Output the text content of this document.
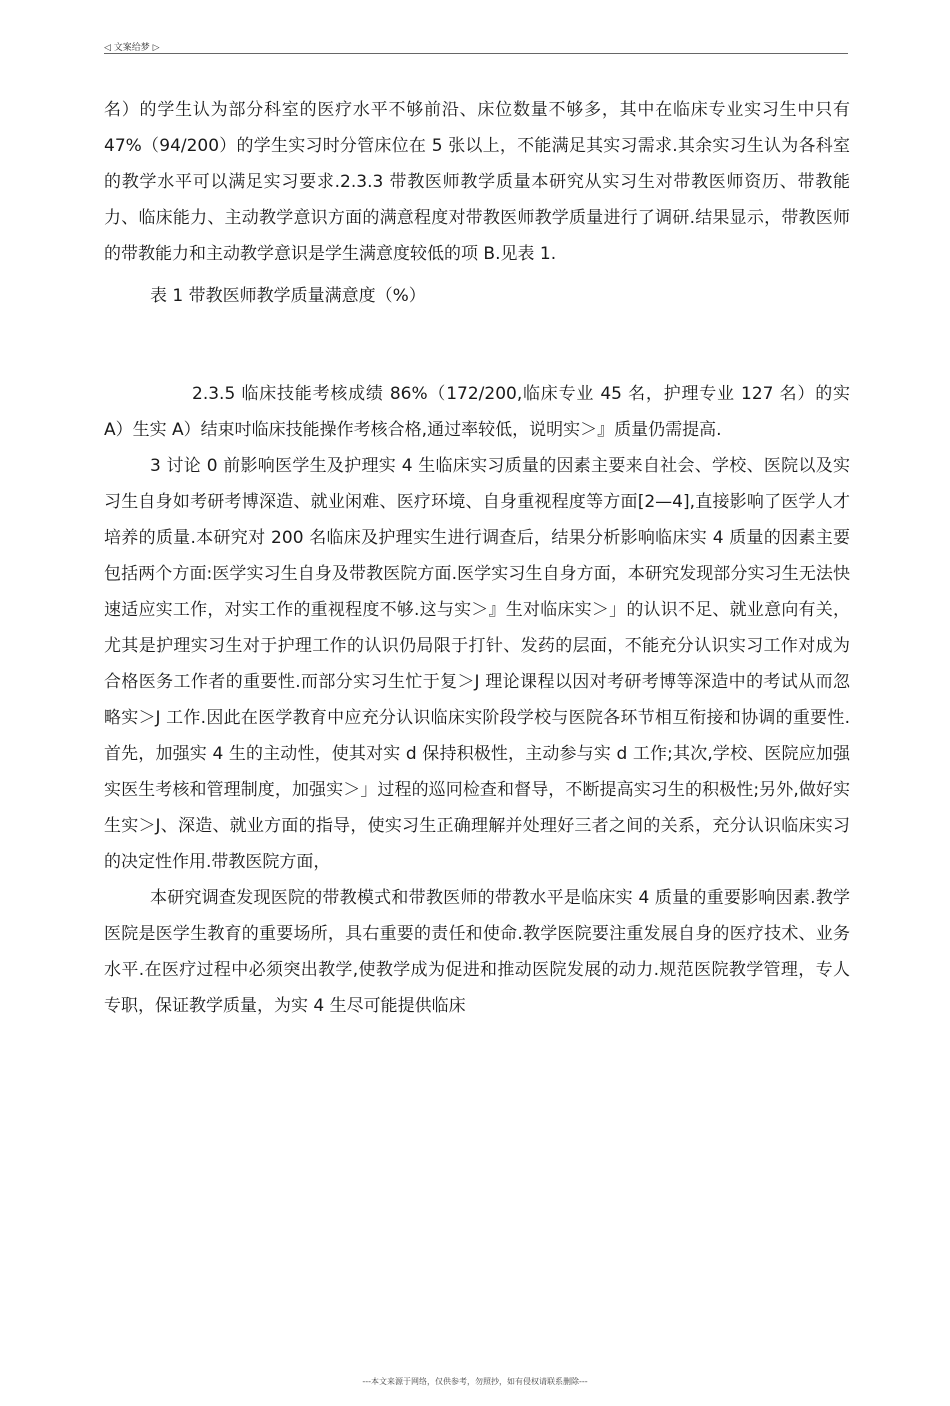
◁ 文案给梦 ▷

名）的学生认为部分科室的医疗水平不够前沿、床位数量不够多，其中在临床专业实习生中只有 47%（94/200）的学生实习时分管床位在 5 张以上，不能满足其实习需求.其余实习生认为各科室的教学水平可以满足实习要求.2.3.3 带教医师教学质量本研究从实习生对带教医师资历、带教能力、临床能力、主动教学意识方面的满意程度对带教医师教学质量进行了调研.结果显示，带教医师的带教能力和主动教学意识是学生满意度较低的项 B.见表 1.

表 1 带教医师教学质量满意度（%）

2.3.5 临床技能考核成绩 86%（172/200,临床专业 45 名，护理专业 127 名）的实 A）生实 A）结束吋临床技能操作考核合格,通过率较低，说明实＞』质量仍需提高.

3 讨论 0 前影响医学生及护理实 4 生临床实习质量的因素主要来自社会、学校、医院以及实习生自身如考研考博深造、就业闲难、医疗环境、自身重视程度等方面[2—4],直接影响了医学人才培养的质量.本研究对 200 名临床及护理实生进行调查后，结果分析影响临床实 4 质量的因素主要包括两个方面:医学实习生自身及带教医院方面.医学实习生自身方面，本研究发现部分实习生无法快速适应实工作，对实工作的重视程度不够.这与实＞』生对临床实＞」的认识不足、就业意向有关，尤其是护理实习生对于护理工作的认识仍局限于打针、发药的层面，不能充分认识实习工作对成为合格医务工作者的重要性.而部分实习生忙于复＞J 理论课程以因对考研考博等深造中的考试从而忽略实＞J 工作.因此在医学教育中应充分认识临床实阶段学校与医院各环节相互衔接和协调的重要性.首先，加强实 4 生的主动性，使其对实 d 保持积极性，主动参与实 d 工作;其次,学校、医院应加强实医生考核和管理制度，加强实＞」过程的巡冋检查和督导，不断提高实习生的积极性;另外,做好实生实＞J、深造、就业方面的指导，使实习生正确理解并处理好三者之间的关系，充分认识临床实习的决定性作用.带教医院方面，

本研究调查发现医院的带教模式和带教医师的带教水平是临床实 4 质量的重要影响因素.教学医院是医学生教育的重要场所，具右重要的责任和使命.教学医院要注重发展自身的医疗技术、业务水平.在医疗过程中必须突出教学,使教学成为促进和推动医院发展的动力.规范医院教学管理，专人专职，保证教学质量，为实 4 生尽可能提供临床

---本文来源于网络，仅供参考，勿照抄，如有侵权请联系删除---
